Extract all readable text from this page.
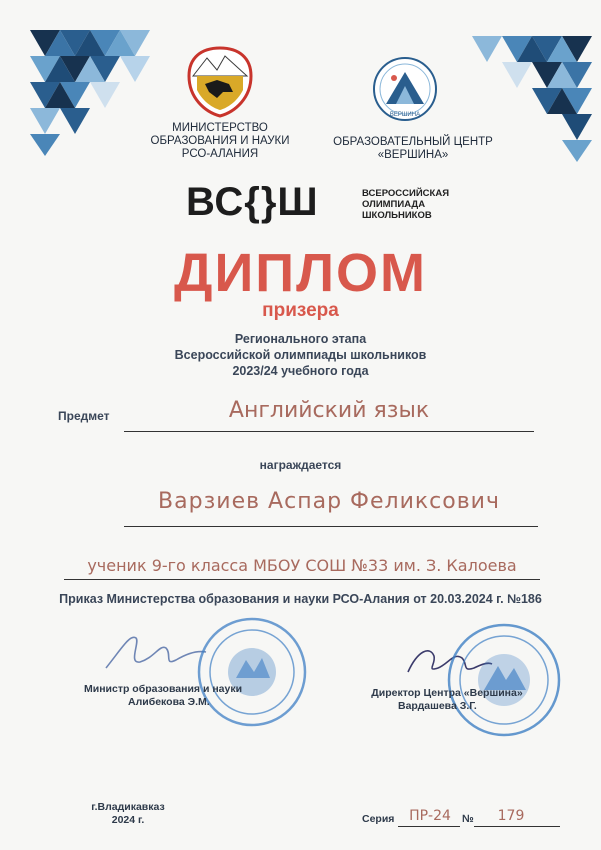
МИНИСТЕРСТВО
ОБРАЗОВАНИЯ И НАУКИ
РСО-АЛАНИЯ
ВЕРШИНА
ОБРАЗОВАТЕЛЬНЫЙ ЦЕНТР
«ВЕРШИНА»
ВС{}Ш	ВСЕРОССИЙСКАЯ
ОЛИМПИАДА
ШКОЛЬНИКОВ
ДИПЛОМ
призера
Регионального этапа
Всероссийской олимпиады школьников
2023/24 учебного года
Предмет	Английский язык
награждается
Варзиев Аспар Феликсович
ученик 9-го класса МБОУ СОШ №33 им. З. Калоева
Приказ Министерства образования и науки РСО-Алания от 20.03.2024 г. №186
Министр образования и науки
Алибекова Э.М.
Директор Центра «Вершина»
Вардашева З.Г.
г.Владикавказ
2024 г.	Серия	ПР-24	№	179
